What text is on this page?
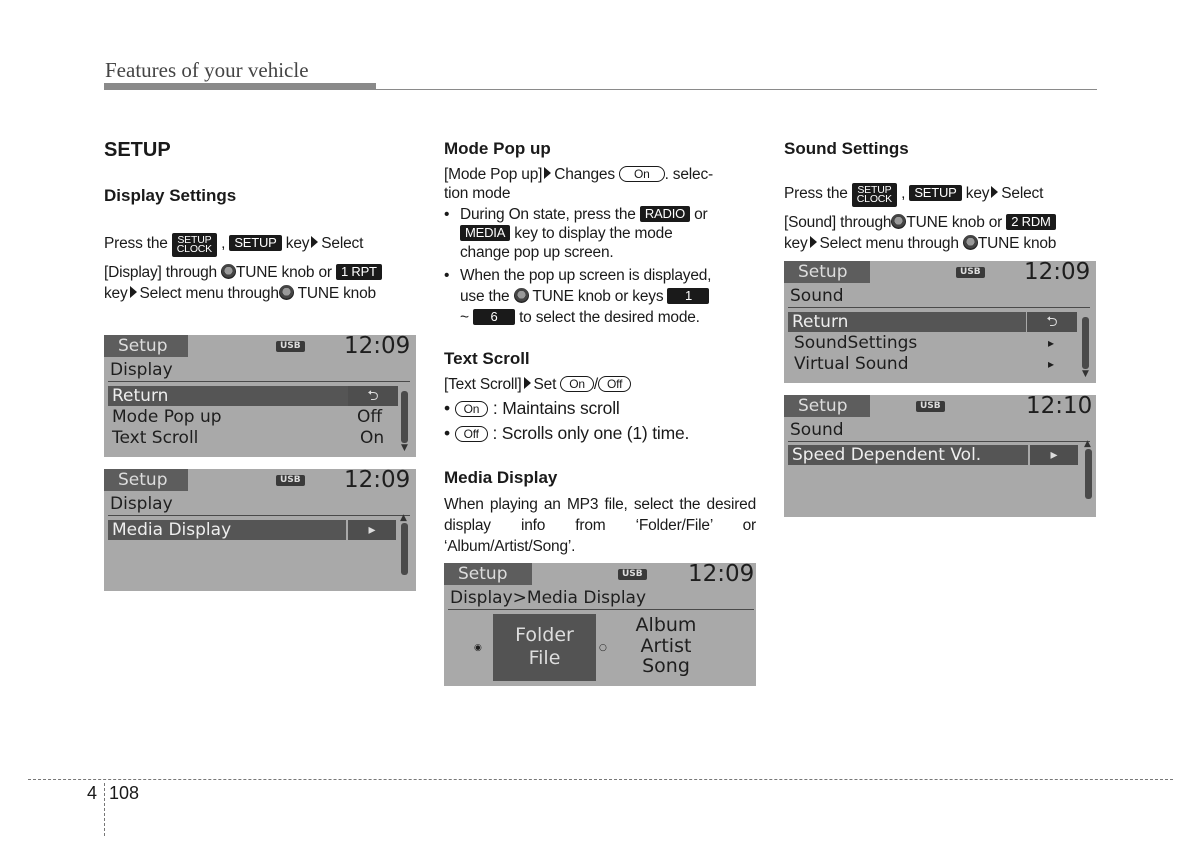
Features of your vehicle
SETUP
Display Settings
Press the SETUP
CLOCK , SETUP key Select
[Display] through TUNE knob or 1 RPT
key Select menu through TUNE knob
Setup	USB 12:09
Display
Return	⮌
Mode Pop up	Off
Text Scroll	On ▼
Setup	USB 12:09
Display
Media Display	▸
▲
Mode Pop up
[Mode Pop up] Changes On . selec-
tion mode
• During On state, press the RADIO or
MEDIA key to display the mode
change pop up screen.
• When the pop up screen is displayed,
use the TUNE knob or keys 1
~ 6 to select the desired mode.
Text Scroll
[Text Scroll] Set On / Off
• On : Maintains scroll
• Off : Scrolls only one (1) time.
Media Display
When playing an MP3 file, select the desired display info from ‘Folder/File’ or ‘Album/Artist/Song’.
Setup	USB 12:09
Display>Media Display
◉
Folder
File	○
Album
Artist
Song
Sound Settings
Press the SETUP
CLOCK , SETUP key Select
[Sound] through TUNE knob or 2 RDM
key Select menu through TUNE knob
Setup	USB 12:09
Sound
Return	⮌
SoundSettings	▸
Virtual Sound	▸
▼
Setup	USB	12:10
Sound
Speed Dependent Vol.	▸
▲
4 108
